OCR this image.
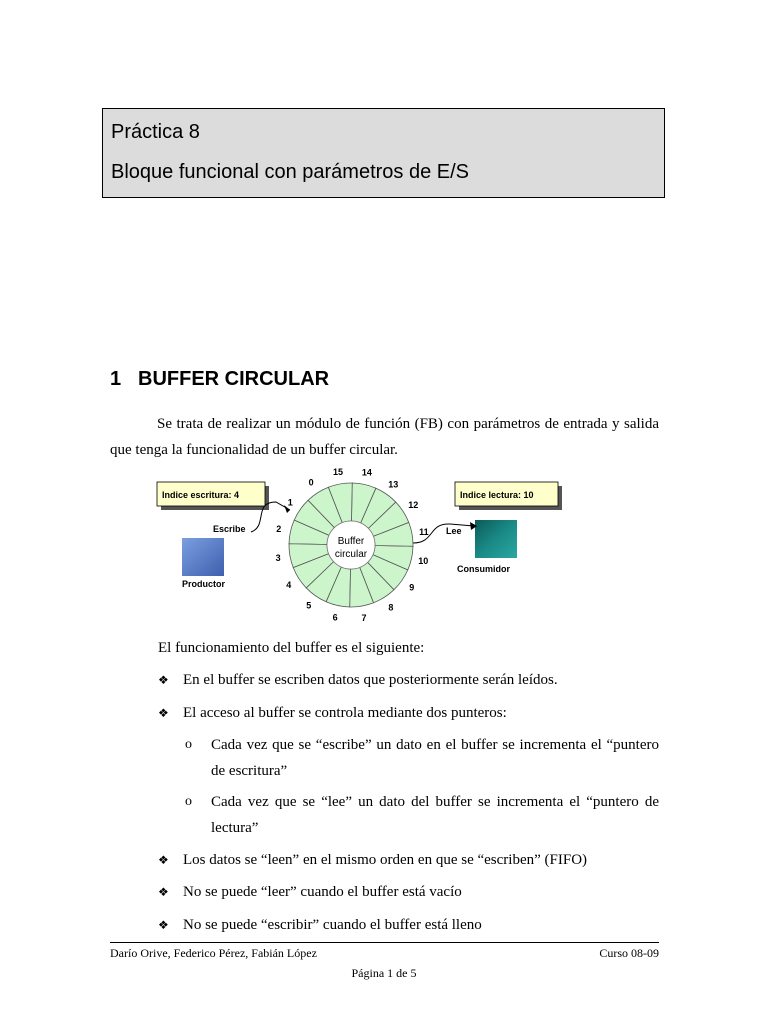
Práctica 8
Bloque funcional con parámetros de E/S
1 BUFFER CIRCULAR
Se trata de realizar un módulo de función (FB) con parámetros de entrada y salida que tenga la funcionalidad de un buffer circular.
Indice escritura: 4	Indice lectura: 10
Productor
Escribe
Consumidor
Lee
0
1
2
3
4
5
6	7
8
9
10
11
12
13
14
15
Buffer
circular
El funcionamiento del buffer es el siguiente:
❖ En el buffer se escriben datos que posteriormente serán leídos.
❖ El acceso al buffer se controla mediante dos punteros:
o Cada vez que se “escribe” un dato en el buffer se incrementa el “puntero de escritura”
o Cada vez que se “lee” un dato del buffer se incrementa el “puntero de lectura”
❖ Los datos se “leen” en el mismo orden en que se “escriben” (FIFO)
❖ No se puede “leer” cuando el buffer está vacío
❖ No se puede “escribir” cuando el buffer está lleno
Darío Orive, Federico Pérez, Fabián López	Curso 08-09
Página 1 de 5
